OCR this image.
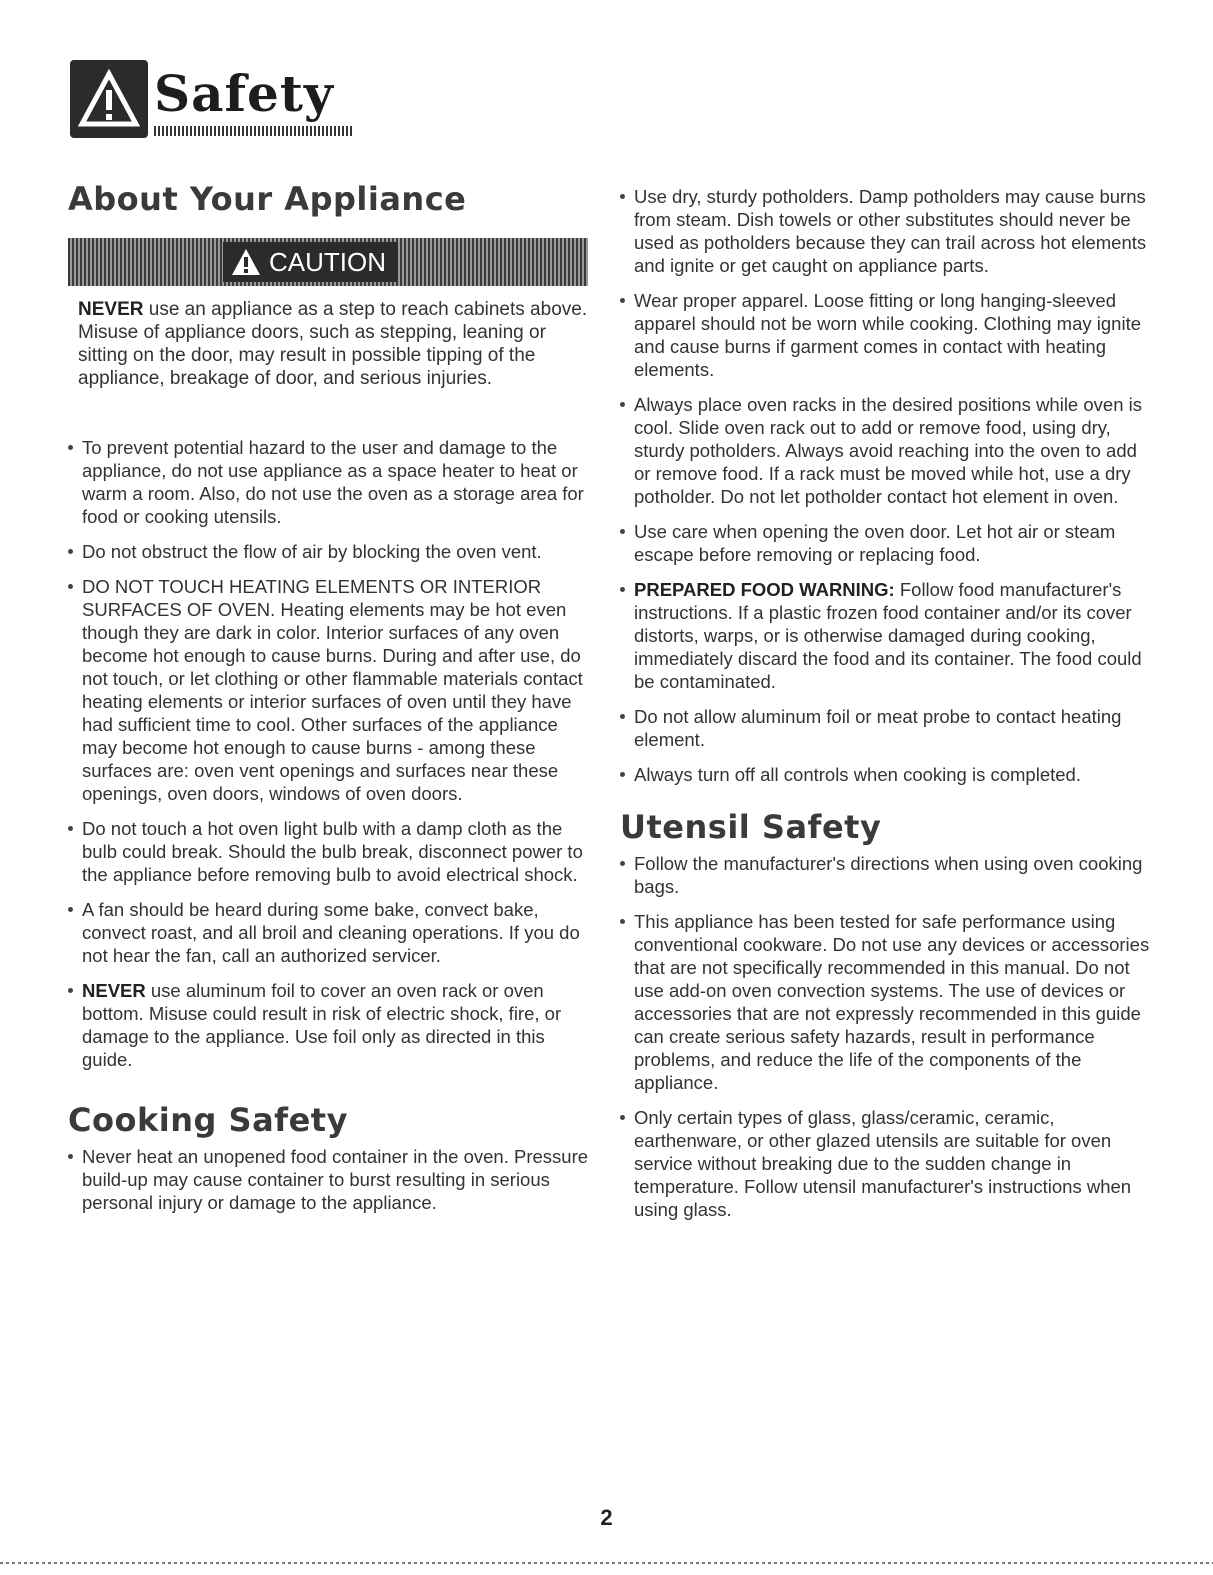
Safety
About Your Appliance
CAUTION

NEVER use an appliance as a step to reach cabinets above. Misuse of appliance doors, such as stepping, leaning or sitting on the door, may result in possible tipping of the appliance, breakage of door, and serious injuries.

To prevent potential hazard to the user and damage to the appliance, do not use appliance as a space heater to heat or warm a room. Also, do not use the oven as a storage area for food or cooking utensils.
Do not obstruct the flow of air by blocking the oven vent.
DO NOT TOUCH HEATING ELEMENTS OR INTERIOR SURFACES OF OVEN. Heating elements may be hot even though they are dark in color. Interior surfaces of any oven become hot enough to cause burns. During and after use, do not touch, or let clothing or other flammable materials contact heating elements or interior surfaces of oven until they have had sufficient time to cool. Other surfaces of the appliance may become hot enough to cause burns - among these surfaces are: oven vent openings and surfaces near these openings, oven doors, windows of oven doors.
Do not touch a hot oven light bulb with a damp cloth as the bulb could break. Should the bulb break, disconnect power to the appliance before removing bulb to avoid electrical shock.
A fan should be heard during some bake, convect bake, convect roast, and all broil and cleaning operations. If you do not hear the fan, call an authorized servicer.
NEVER use aluminum foil to cover an oven rack or oven bottom. Misuse could result in risk of electric shock, fire, or damage to the appliance. Use foil only as directed in this guide.
Cooking Safety
Never heat an unopened food container in the oven. Pressure build-up may cause container to burst resulting in serious personal injury or damage to the appliance.
Use dry, sturdy potholders. Damp potholders may cause burns from steam. Dish towels or other substitutes should never be used as potholders because they can trail across hot elements and ignite or get caught on appliance parts.
Wear proper apparel. Loose fitting or long hanging-sleeved apparel should not be worn while cooking. Clothing may ignite and cause burns if garment comes in contact with heating elements.
Always place oven racks in the desired positions while oven is cool. Slide oven rack out to add or remove food, using dry, sturdy potholders. Always avoid reaching into the oven to add or remove food. If a rack must be moved while hot, use a dry potholder. Do not let potholder contact hot element in oven.
Use care when opening the oven door. Let hot air or steam escape before removing or replacing food.
PREPARED FOOD WARNING: Follow food manufacturer's instructions. If a plastic frozen food container and/or its cover distorts, warps, or is otherwise damaged during cooking, immediately discard the food and its container. The food could be contaminated.
Do not allow aluminum foil or meat probe to contact heating element.
Always turn off all controls when cooking is completed.
Utensil Safety
Follow the manufacturer's directions when using oven cooking bags.
This appliance has been tested for safe performance using conventional cookware. Do not use any devices or accessories that are not specifically recommended in this manual. Do not use add-on oven convection systems. The use of devices or accessories that are not expressly recommended in this guide can create serious safety hazards, result in performance problems, and reduce the life of the components of the appliance.
Only certain types of glass, glass/ceramic, ceramic, earthenware, or other glazed utensils are suitable for oven service without breaking due to the sudden change in temperature. Follow utensil manufacturer's instructions when using glass.
2
